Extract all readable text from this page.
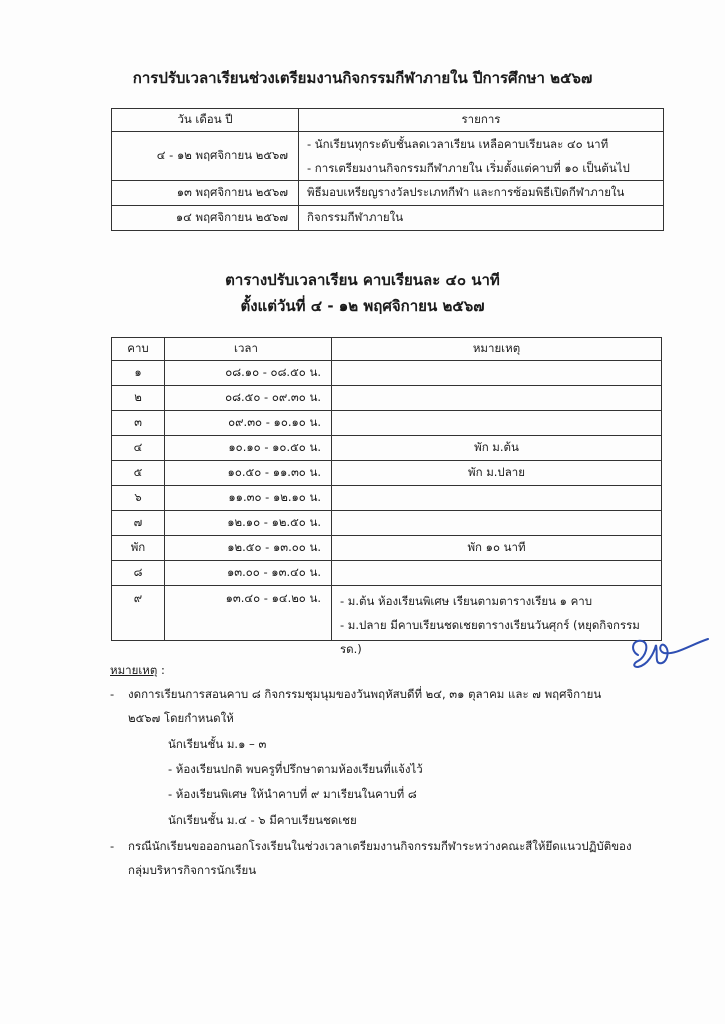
การปรับเวลาเรียนช่วงเตรียมงานกิจกรรมกีฬาภายใน ปีการศึกษา ๒๕๖๗
วัน เดือน ปี	รายการ
๔ - ๑๒ พฤศจิกายน ๒๕๖๗	- นักเรียนทุกระดับชั้นลดเวลาเรียน เหลือคาบเรียนละ ๔๐ นาที
- การเตรียมงานกิจกรรมกีฬาภายใน เริ่มตั้งแต่คาบที่ ๑๐ เป็นต้นไป

๑๓ พฤศจิกายน ๒๕๖๗	พิธีมอบเหรียญรางวัลประเภทกีฬา และการซ้อมพิธีเปิดกีฬาภายใน
๑๔ พฤศจิกายน ๒๕๖๗	กิจกรรมกีฬาภายใน
ตารางปรับเวลาเรียน คาบเรียนละ ๔๐ นาที
ตั้งแต่วันที่ ๔ - ๑๒ พฤศจิกายน ๒๕๖๗
คาบ	เวลา	หมายเหตุ
๑	๐๘.๑๐ - ๐๘.๕๐ น.	
๒	๐๘.๕๐ - ๐๙.๓๐ น.	
๓	๐๙.๓๐ - ๑๐.๑๐ น.	
๔	๑๐.๑๐ - ๑๐.๕๐ น.	พัก ม.ต้น
๕	๑๐.๕๐ - ๑๑.๓๐ น.	พัก ม.ปลาย
๖	๑๑.๓๐ - ๑๒.๑๐ น.	
๗	๑๒.๑๐ - ๑๒.๕๐ น.	
พัก	๑๒.๕๐ - ๑๓.๐๐ น.	พัก ๑๐ นาที
๘	๑๓.๐๐ - ๑๓.๔๐ น.	
๙	๑๓.๔๐ - ๑๔.๒๐ น.	- ม.ต้น ห้องเรียนพิเศษ เรียนตามตารางเรียน ๑ คาบ
- ม.ปลาย มีคาบเรียนชดเชยตารางเรียนวันศุกร์ (หยุดกิจกรรม รด.)
หมายเหตุ :
- งดการเรียนการสอนคาบ ๘ กิจกรรมชุมนุมของวันพฤหัสบดีที่ ๒๔, ๓๑ ตุลาคม และ ๗ พฤศจิกายน
๒๕๖๗ โดยกำหนดให้
นักเรียนชั้น ม.๑ – ๓
- ห้องเรียนปกติ พบครูที่ปรึกษาตามห้องเรียนที่แจ้งไว้
- ห้องเรียนพิเศษ ให้นำคาบที่ ๙ มาเรียนในคาบที่ ๘
นักเรียนชั้น ม.๔ - ๖ มีคาบเรียนชดเชย
- กรณีนักเรียนขอออกนอกโรงเรียนในช่วงเวลาเตรียมงานกิจกรรมกีฬาระหว่างคณะสีให้ยึดแนวปฏิบัติของ
กลุ่มบริหารกิจการนักเรียน
